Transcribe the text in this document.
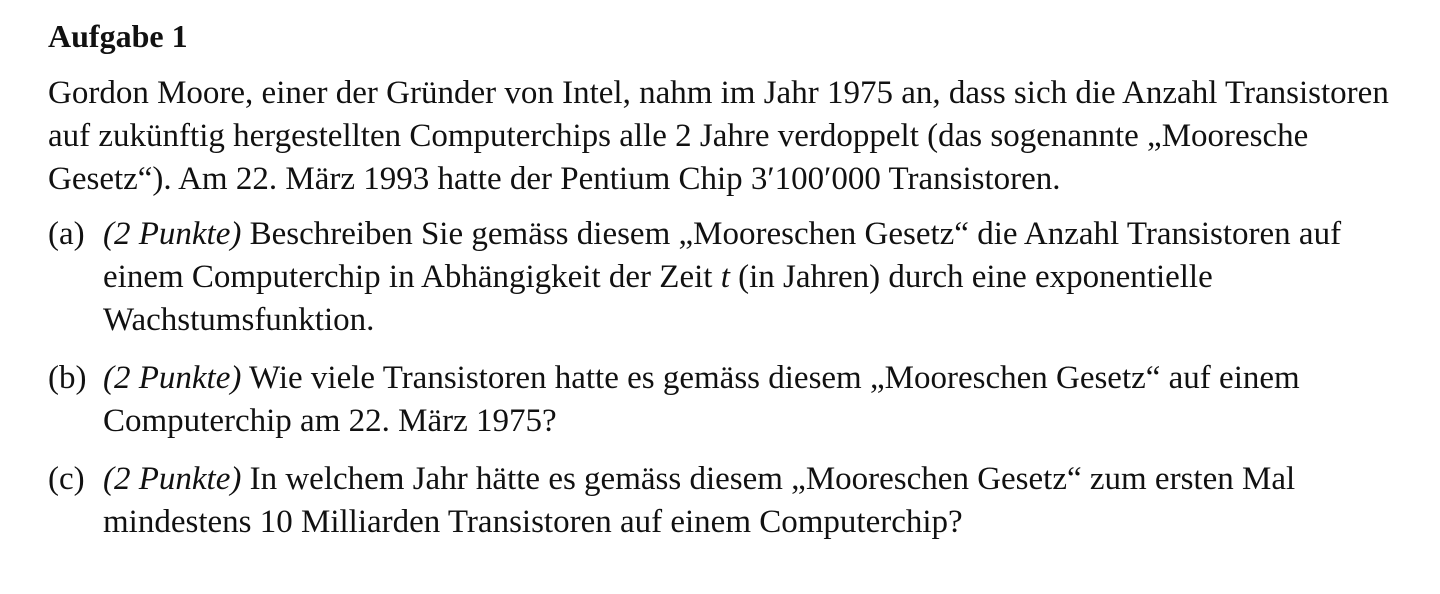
Aufgabe 1

Gordon Moore, einer der Gründer von Intel, nahm im Jahr 1975 an, dass sich die Anzahl Transistoren auf zukünftig hergestellten Computerchips alle 2 Jahre verdoppelt (das sogenannte „Mooresche Gesetz“). Am 22. März 1993 hatte der Pentium Chip 3′100′000 Transistoren.

(a) (2 Punkte) Beschreiben Sie gemäss diesem „Mooreschen Gesetz“ die Anzahl Transistoren auf einem Computerchip in Abhängigkeit der Zeit t (in Jahren) durch eine exponentielle Wachstumsfunktion.
(b) (2 Punkte) Wie viele Transistoren hatte es gemäss diesem „Mooreschen Gesetz“ auf einem Computerchip am 22. März 1975?
(c) (2 Punkte) In welchem Jahr hätte es gemäss diesem „Mooreschen Gesetz“ zum ersten Mal mindestens 10 Milliarden Transistoren auf einem Computerchip?
